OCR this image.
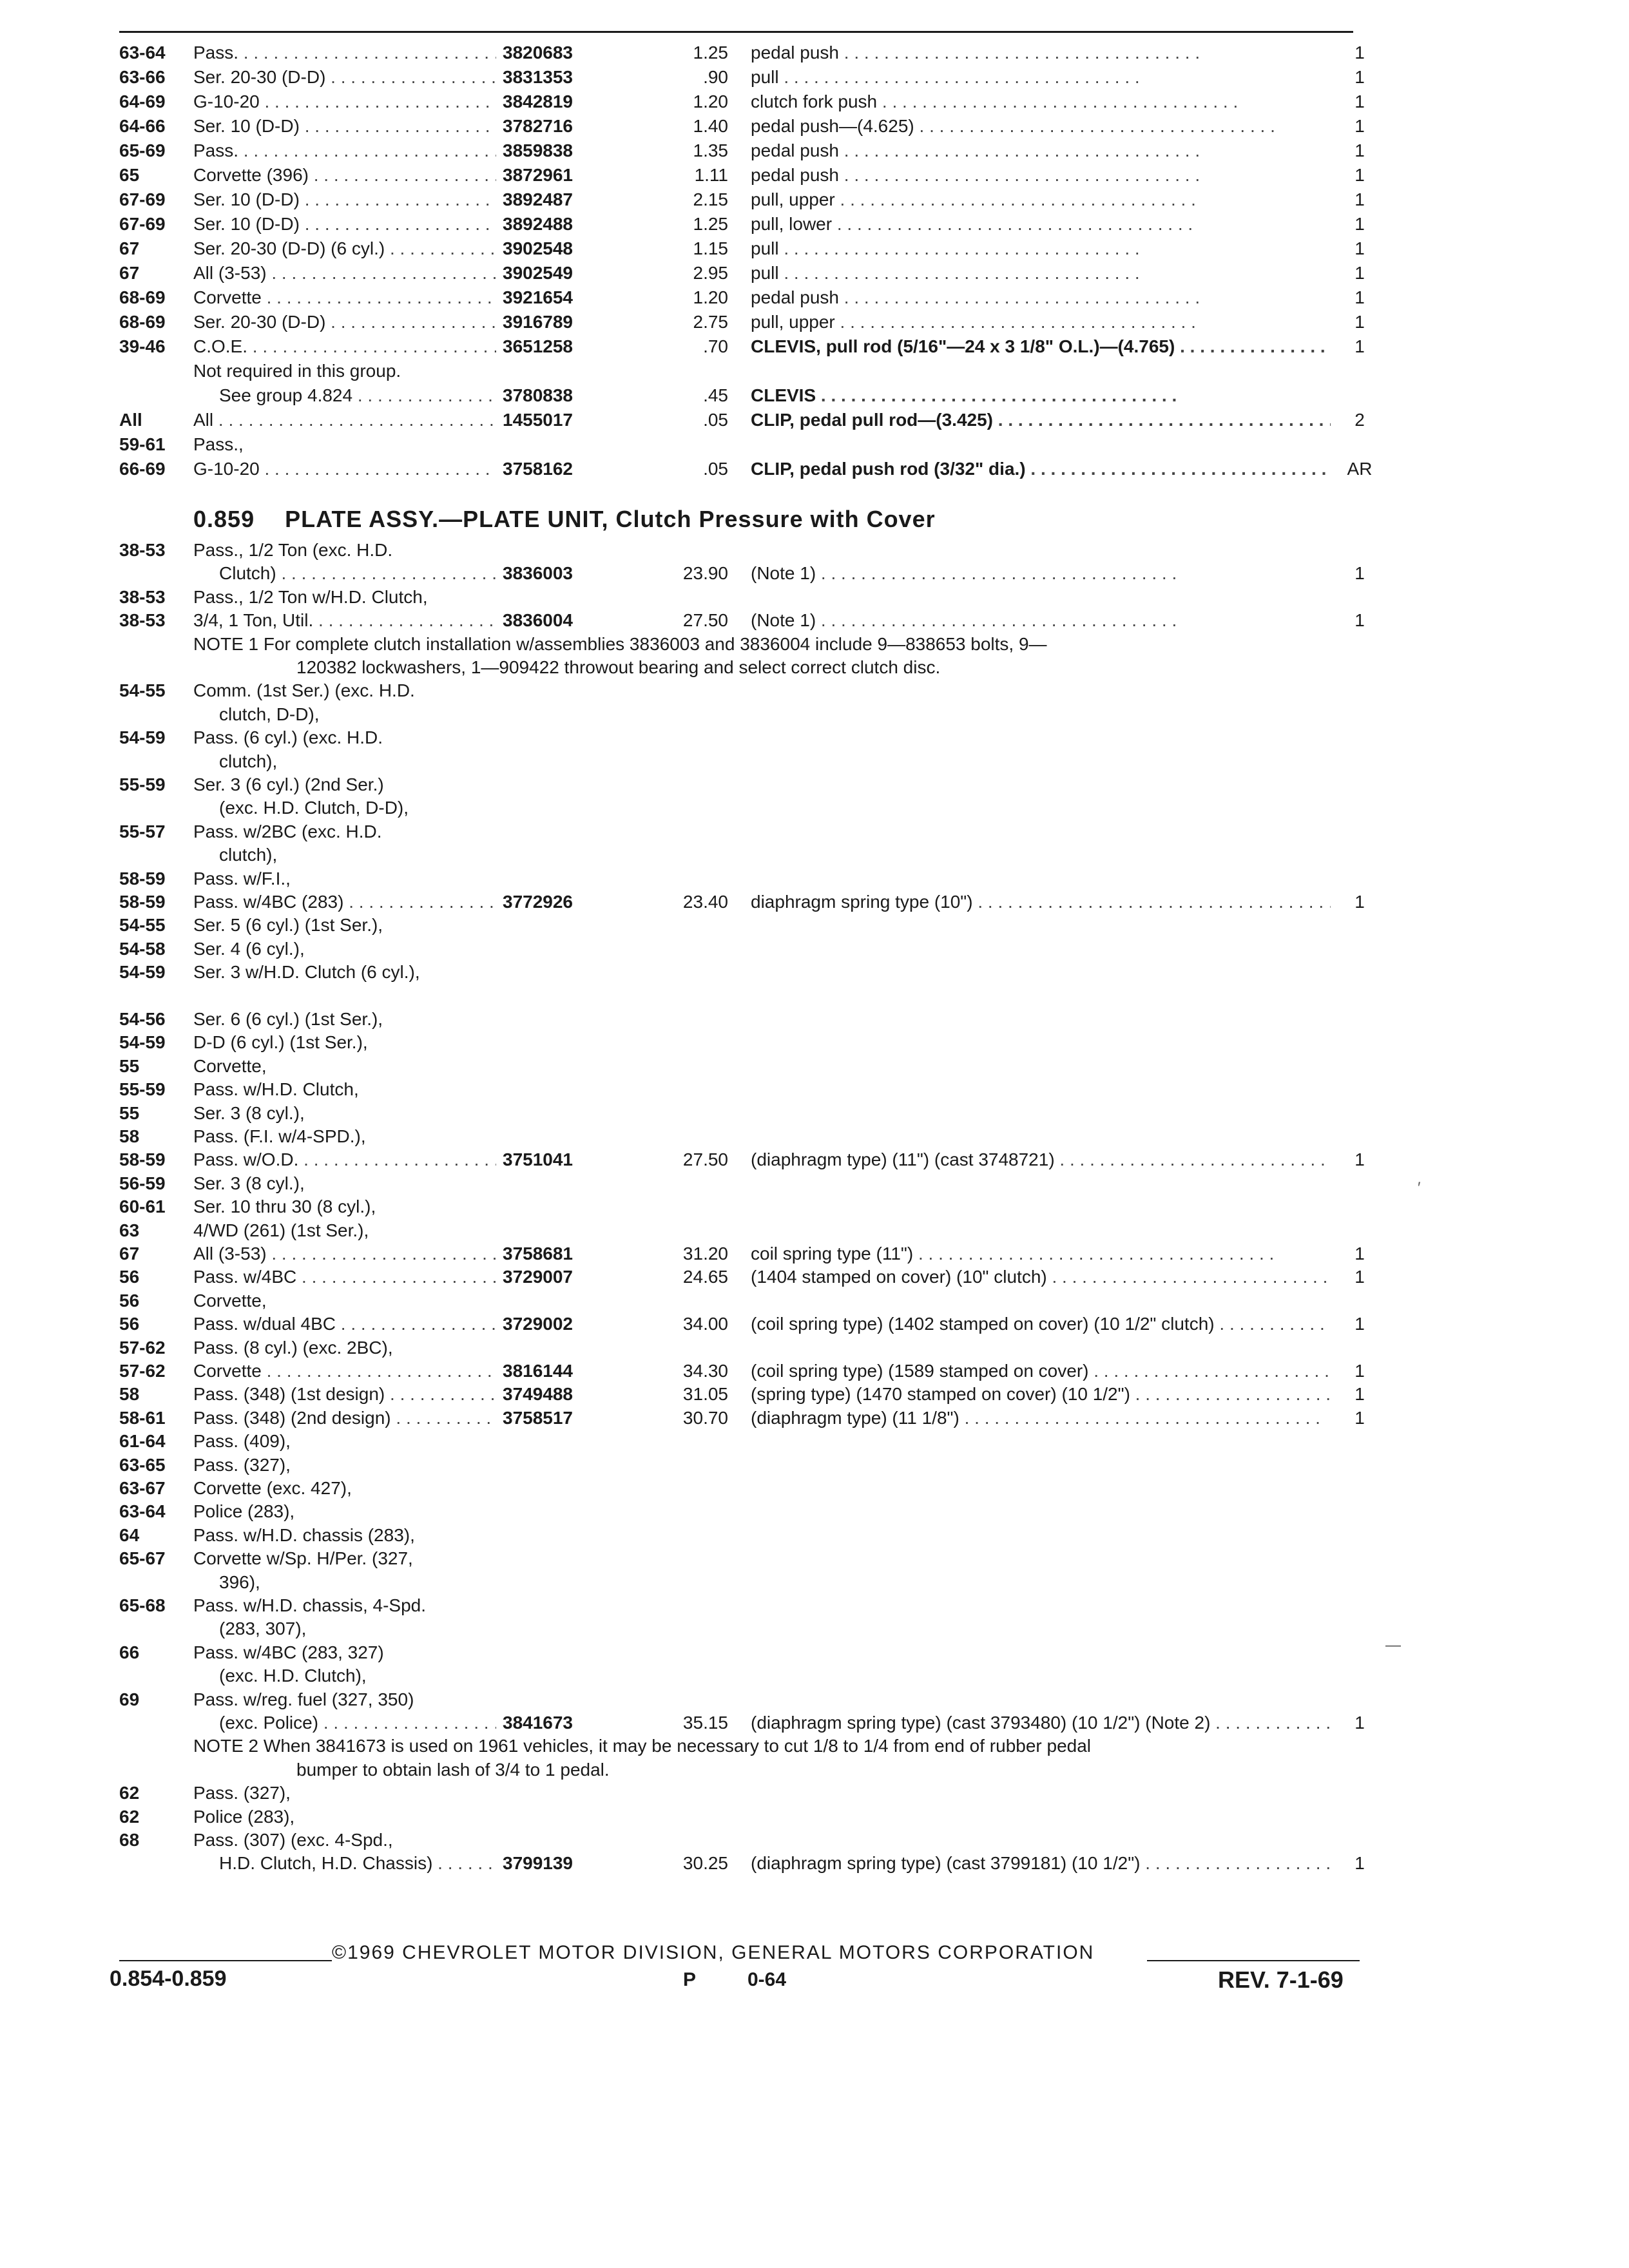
63-64 Pass. . . .	3820683	1.25 pedal push . . .	1
63-66 Ser. 20-30 (D-D) . . .	3831353	.90 pull . . .	1
64-69 G-10-20 . . .	3842819	1.20 clutch fork push . . .	1
64-66 Ser. 10 (D-D) . . .	3782716	1.40 pedal push—(4.625) . . .	1
65-69 Pass. . . .	3859838	1.35 pedal push . . .	1
65	Corvette (396) . . .	3872961	1.11 pedal push . . .	1
67-69 Ser. 10 (D-D) . . .	3892487	2.15 pull, upper . . .	1
67-69 Ser. 10 (D-D) . . .	3892488	1.25 pull, lower . . .	1
67	Ser. 20-30 (D-D) (6 cyl.) . . .	3902548	1.15 pull . . .	1
67	All (3-53) . . .	3902549	2.95 pull . . .	1
68-69 Corvette . . .	3921654	1.20 pedal push . . .	1
68-69 Ser. 20-30 (D-D) . . .	3916789	2.75 pull, upper . . .	1
39-46 C.O.E. . . .	3651258	.70 CLEVIS, pull rod (5/16"—24 x 3 1/8" O.L.)—(4.765) . . .	1
Not required in this group.
See group 4.824 . . .	3780838	.45 CLEVIS . . .
All	All . . .	1455017	.05 CLIP, pedal pull rod—(3.425) . . .	2
59-61 Pass.,
66-69 G-10-20 . . .	3758162	.05 CLIP, pedal push rod (3/32" dia.) . . .	AR
0.859 PLATE ASSY.—PLATE UNIT, Clutch Pressure with Cover
38-53 Pass., 1/2 Ton (exc. H.D.
Clutch) . . .	3836003	23.90 (Note 1) . . .	1
38-53 Pass., 1/2 Ton w/H.D. Clutch,
38-53 3/4, 1 Ton, Util. . . .	3836004	27.50 (Note 1) . . .	1
NOTE 1 For complete clutch installation w/assemblies 3836003 and 3836004 include 9—838653 bolts, 9—
120382 lockwashers, 1—909422 throwout bearing and select correct clutch disc.
54-55 Comm. (1st Ser.) (exc. H.D.
clutch, D-D),
54-59 Pass. (6 cyl.) (exc. H.D.
clutch),
55-59 Ser. 3 (6 cyl.) (2nd Ser.)
(exc. H.D. Clutch, D-D),
55-57 Pass. w/2BC (exc. H.D.
clutch),
58-59 Pass. w/F.I.,
58-59 Pass. w/4BC (283) . . .	3772926	23.40 diaphragm spring type (10") . . .	1
54-55 Ser. 5 (6 cyl.) (1st Ser.),
54-58 Ser. 4 (6 cyl.),
54-59 Ser. 3 w/H.D. Clutch (6 cyl.),
54-56 Ser. 6 (6 cyl.) (1st Ser.),
54-59 D-D (6 cyl.) (1st Ser.),
55	Corvette,
55-59 Pass. w/H.D. Clutch,
55	Ser. 3 (8 cyl.),
58	Pass. (F.I. w/4-SPD.),
58-59 Pass. w/O.D. . . .	3751041	27.50 (diaphragm type) (11") (cast 3748721) . . .	1
56-59 Ser. 3 (8 cyl.),
60-61 Ser. 10 thru 30 (8 cyl.),
63	4/WD (261) (1st Ser.),
67	All (3-53) . . .	3758681	31.20 coil spring type (11") . . .	1
56	Pass. w/4BC . . .	3729007	24.65 (1404 stamped on cover) (10" clutch) . . .	1
56	Corvette,
56	Pass. w/dual 4BC . . .	3729002	34.00 (coil spring type) (1402 stamped on cover) (10 1/2" clutch) . . .	1
57-62 Pass. (8 cyl.) (exc. 2BC),
57-62 Corvette . . .	3816144	34.30 (coil spring type) (1589 stamped on cover) . . .	1
58	Pass. (348) (1st design) . . .	3749488	31.05 (spring type) (1470 stamped on cover) (10 1/2") . . .	1
58-61 Pass. (348) (2nd design) . . .	3758517	30.70 (diaphragm type) (11 1/8") . . .	1
61-64 Pass. (409),
63-65 Pass. (327),
63-67 Corvette (exc. 427),
63-64 Police (283),
64	Pass. w/H.D. chassis (283),
65-67 Corvette w/Sp. H/Per. (327,
396),
65-68 Pass. w/H.D. chassis, 4-Spd.
(283, 307),
66	Pass. w/4BC (283, 327)
(exc. H.D. Clutch),
69	Pass. w/reg. fuel (327, 350)
(exc. Police) . . .	3841673	35.15 (diaphragm spring type) (cast 3793480) (10 1/2") (Note 2) . . .	1
NOTE 2 When 3841673 is used on 1961 vehicles, it may be necessary to cut 1/8 to 1/4 from end of rubber pedal
bumper to obtain lash of 3/4 to 1 pedal.
62	Pass. (327),
62	Police (283),
68	Pass. (307) (exc. 4-Spd.,
H.D. Clutch, H.D. Chassis) . . .	3799139	30.25 (diaphragm spring type) (cast 3799181) (10 1/2") . . .	1
©1969 CHEVROLET MOTOR DIVISION, GENERAL MOTORS CORPORATION
0.854-0.859	P	0-64	REV. 7-1-69
′
—
